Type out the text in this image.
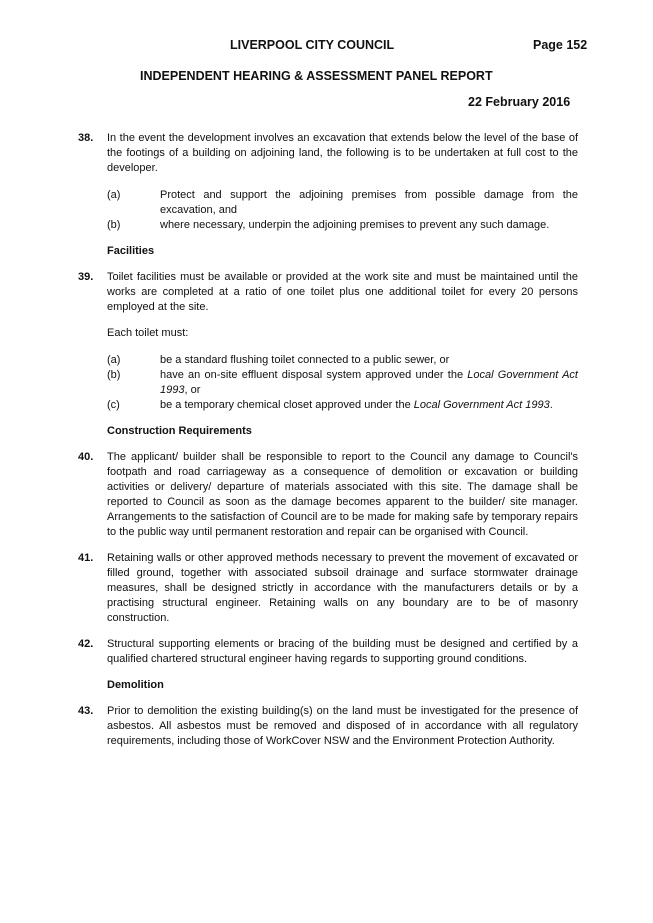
LIVERPOOL CITY COUNCIL	Page 152
INDEPENDENT HEARING & ASSESSMENT PANEL REPORT
22 February 2016
38. In the event the development involves an excavation that extends below the level of the base of the footings of a building on adjoining land, the following is to be undertaken at full cost to the developer.
(a)	Protect and support the adjoining premises from possible damage from the excavation, and
(b)	where necessary, underpin the adjoining premises to prevent any such damage.
Facilities
39. Toilet facilities must be available or provided at the work site and must be maintained until the works are completed at a ratio of one toilet plus one additional toilet for every 20 persons employed at the site.
Each toilet must:
(a)	be a standard flushing toilet connected to a public sewer, or
(b)	have an on-site effluent disposal system approved under the Local Government Act 1993, or
(c)	be a temporary chemical closet approved under the Local Government Act 1993.
Construction Requirements
40. The applicant/ builder shall be responsible to report to the Council any damage to Council's footpath and road carriageway as a consequence of demolition or excavation or building activities or delivery/ departure of materials associated with this site. The damage shall be reported to Council as soon as the damage becomes apparent to the builder/ site manager. Arrangements to the satisfaction of Council are to be made for making safe by temporary repairs to the public way until permanent restoration and repair can be organised with Council.
41. Retaining walls or other approved methods necessary to prevent the movement of excavated or filled ground, together with associated subsoil drainage and surface stormwater drainage measures, shall be designed strictly in accordance with the manufacturers details or by a practising structural engineer. Retaining walls on any boundary are to be of masonry construction.
42. Structural supporting elements or bracing of the building must be designed and certified by a qualified chartered structural engineer having regards to supporting ground conditions.
Demolition
43. Prior to demolition the existing building(s) on the land must be investigated for the presence of asbestos. All asbestos must be removed and disposed of in accordance with all regulatory requirements, including those of WorkCover NSW and the Environment Protection Authority.
